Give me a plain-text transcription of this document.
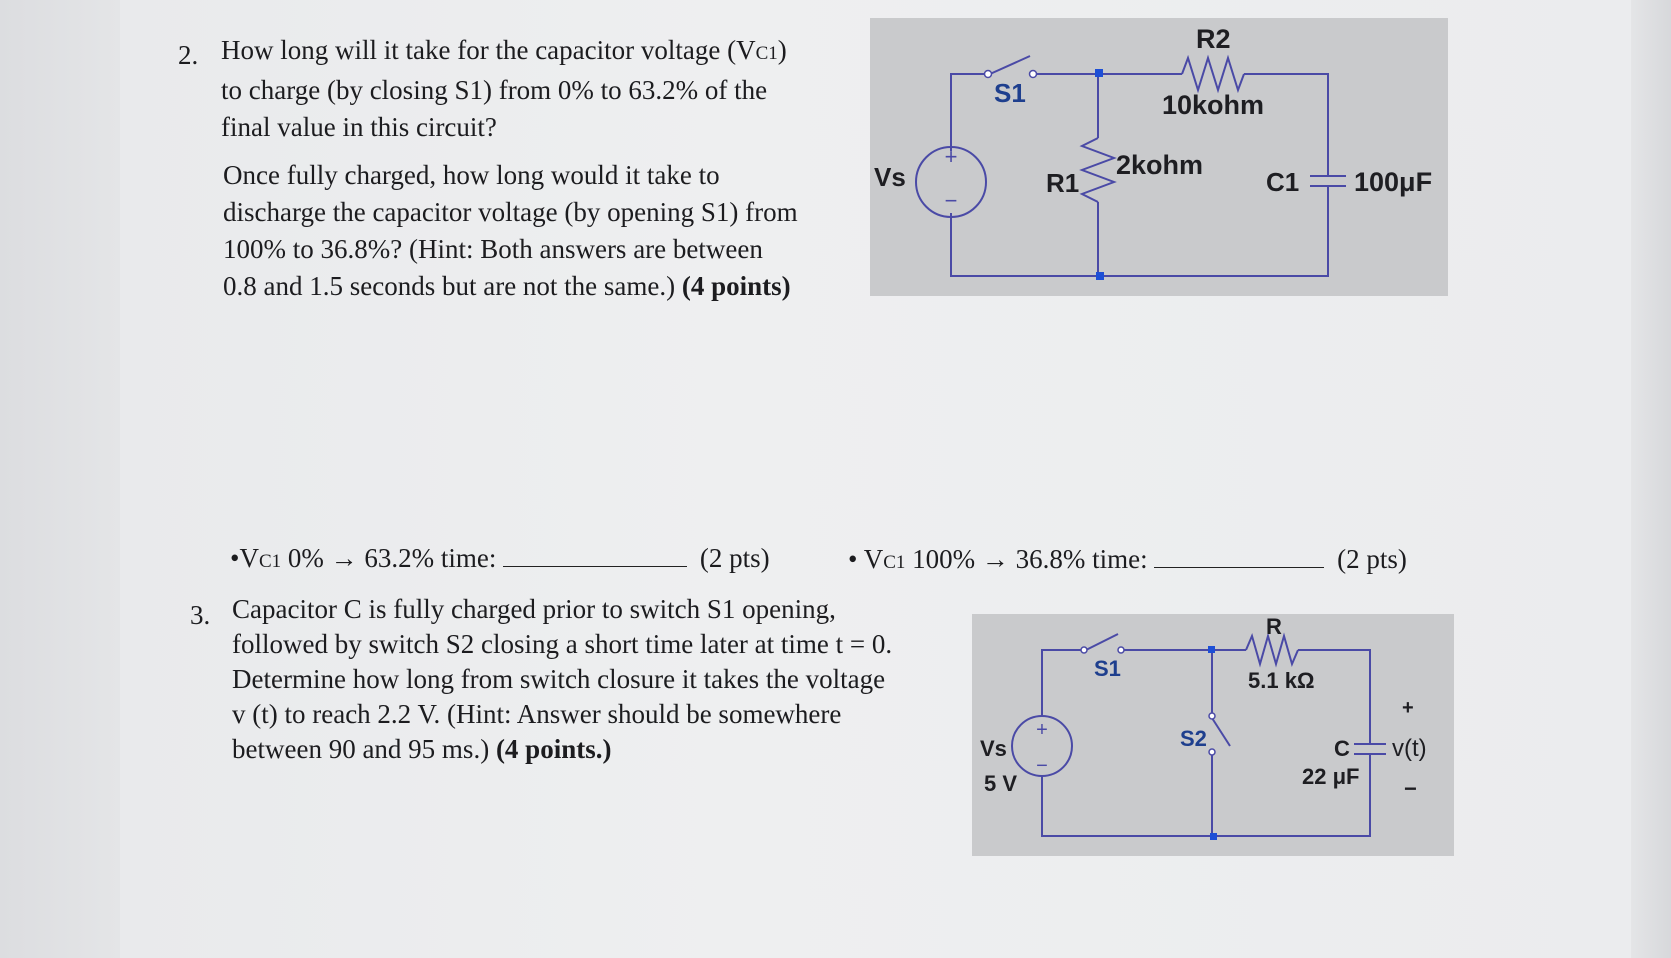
2. How long will it take for the capacitor voltage (VC1)
to charge (by closing S1) from 0% to 63.2% of the
final value in this circuit?
Once fully charged, how long would it take to
discharge the capacitor voltage (by opening S1) from
100% to 36.8%? (Hint: Both answers are between
0.8 and 1.5 seconds but are not the same.) (4 points)
+
−
Vs
S1
R1
2kohm
R2
10kohm
C1 100μF
•VC1 0% → 63.2% time:	(2 pts)	• VC1 100% → 36.8% time:	(2 pts)
3. Capacitor C is fully charged prior to switch S1 opening,
followed by switch S2 closing a short time later at time t = 0.
Determine how long from switch closure it takes the voltage
v (t) to reach 2.2 V. (Hint: Answer should be somewhere
between 90 and 95 ms.) (4 points.)
+
−
Vs
5 V
S1
S2
R
5.1 kΩ
C
22 μF
+
v(t)
−
